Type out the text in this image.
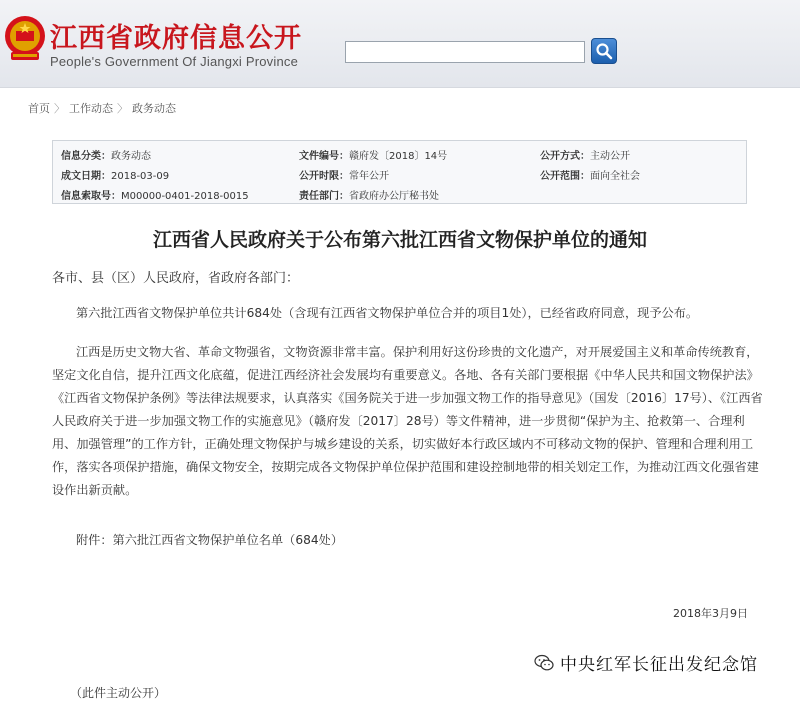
江西省政府信息公开
People's Government Of Jiangxi Province
首页 〉 工作动态 〉 政务动态
信息分类：政务动态	文件编号：赣府发〔2018〕14号	公开方式：主动公开
成文日期：2018-03-09	公开时限：常年公开	公开范围：面向全社会
信息索取号：M00000-0401-2018-0015	责任部门：省政府办公厅秘书处
江西省人民政府关于公布第六批江西省文物保护单位的通知
各市、县（区）人民政府，省政府各部门：
第六批江西省文物保护单位共计684处（含现有江西省文物保护单位合并的项目1处），已经省政府同意，现予公布。
江西是历史文物大省、革命文物强省，文物资源非常丰富。保护利用好这份珍贵的文化遗产，对开展爱国主义和革命传统教育，坚定文化自信，提升江西文化底蕴，促进江西经济社会发展均有重要意义。各地、各有关部门要根据《中华人民共和国文物保护法》《江西省文物保护条例》等法律法规要求，认真落实《国务院关于进一步加强文物工作的指导意见》（国发〔2016〕17号）、《江西省人民政府关于进一步加强文物工作的实施意见》（赣府发〔2017〕28号）等文件精神，进一步贯彻“保护为主、抢救第一、合理利用、加强管理”的工作方针，正确处理文物保护与城乡建设的关系，切实做好本行政区域内不可移动文物的保护、管理和合理利用工作，落实各项保护措施，确保文物安全，按期完成各文物保护单位保护范围和建设控制地带的相关划定工作，为推动江西文化强省建设作出新贡献。
附件：第六批江西省文物保护单位名单（684处）
2018年3月9日
中央红军长征出发纪念馆
（此件主动公开）
